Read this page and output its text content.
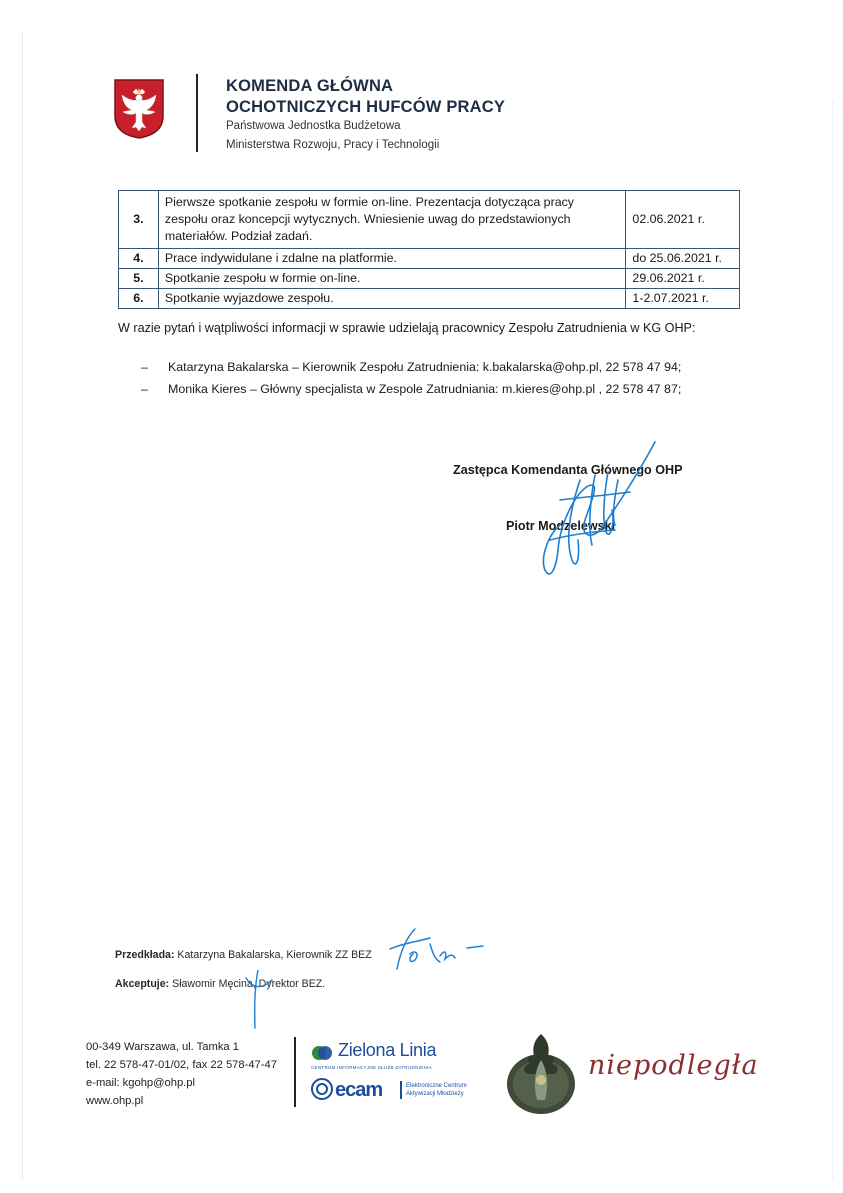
KOMENDA GŁÓWNA
OCHOTNICZYCH HUFCÓW PRACY
Państwowa Jednostka Budżetowa
Ministerstwa Rozwoju, Pracy i Technologii
3.	Pierwsze spotkanie zespołu w formie on-line. Prezentacja dotycząca pracy zespołu oraz koncepcji wytycznych. Wniesienie uwag do przedstawionych materiałów. Podział zadań.	02.06.2021 r.
4.	Prace indywidulane i zdalne na platformie.	do 25.06.2021 r.
5.	Spotkanie zespołu w formie on-line.	29.06.2021 r.
6.	Spotkanie wyjazdowe zespołu.	1-2.07.2021 r.
W razie pytań i wątpliwości informacji w sprawie udzielają pracownicy Zespołu Zatrudnienia w KG OHP:
– Katarzyna Bakalarska – Kierownik Zespołu Zatrudnienia: k.bakalarska@ohp.pl, 22 578 47 94;
– Monika Kieres – Główny specjalista w Zespole Zatrudniania: m.kieres@ohp.pl , 22 578 47 87;
Zastępca Komendanta Głównego OHP
Piotr Modzelewski
Przedkłada: Katarzyna Bakalarska, Kierownik ZZ BEZ
Akceptuje: Sławomir Męcina, Dyrektor BEZ.
00-349 Warszawa, ul. Tamka 1
tel. 22 578-47-01/02, fax 22 578-47-47
e-mail: kgohp@ohp.pl
www.ohp.pl
Zielona Linia
CENTRUM INFORMACYJNE SŁUŻB ZATRUDNIENIA
ecam	Elektroniczne Centrum
Aktywizacji Młodzieży
niepodległa
